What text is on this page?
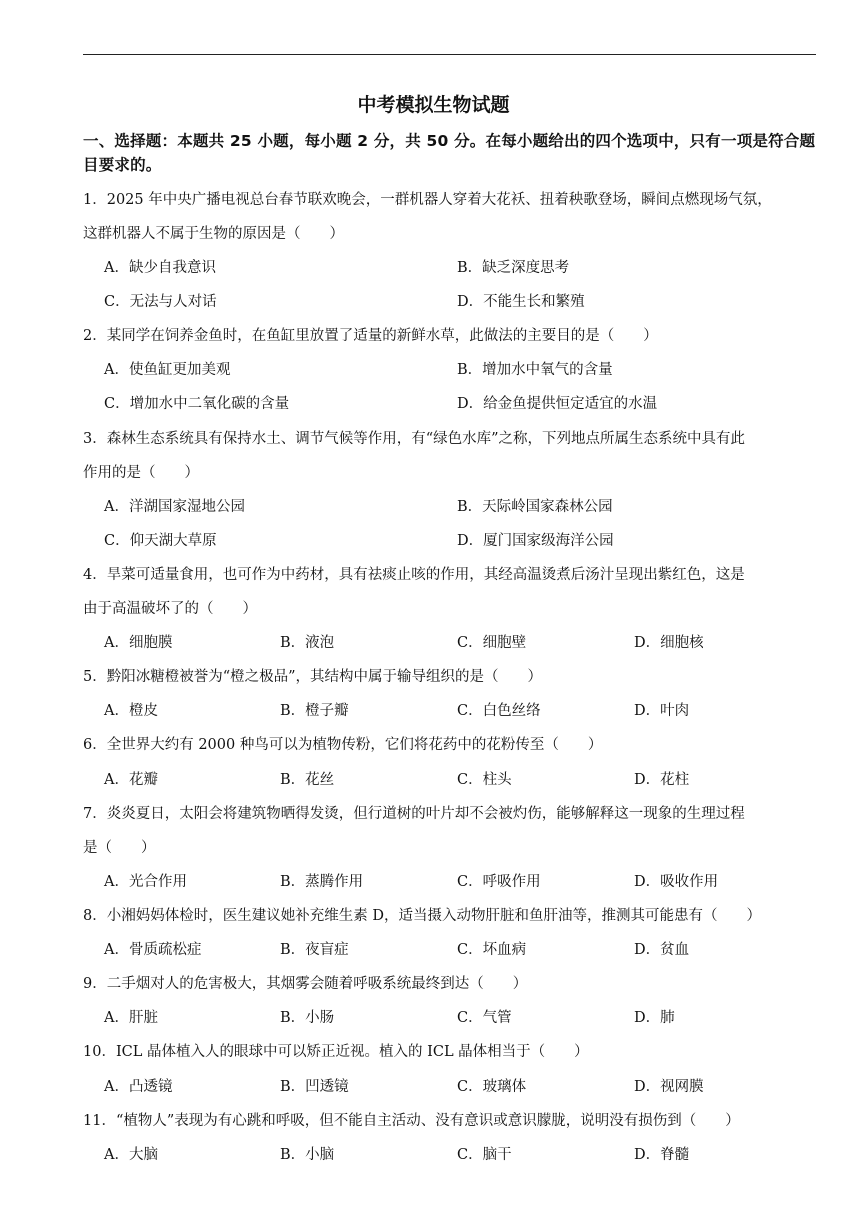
中考模拟生物试题
一、选择题：本题共 25 小题，每小题 2 分，共 50 分。在每小题给出的四个选项中，只有一项是符合题目要求的。
1．2025 年中央广播电视总台春节联欢晚会，一群机器人穿着大花袄、扭着秧歌登场，瞬间点燃现场气氛，
这群机器人不属于生物的原因是（　　）
A．缺少自我意识	B．缺乏深度思考
C．无法与人对话	D．不能生长和繁殖
2．某同学在饲养金鱼时，在鱼缸里放置了适量的新鲜水草，此做法的主要目的是（　　）
A．使鱼缸更加美观	B．增加水中氧气的含量
C．增加水中二氧化碳的含量	D．给金鱼提供恒定适宜的水温
3．森林生态系统具有保持水土、调节气候等作用，有“绿色水库”之称，下列地点所属生态系统中具有此
作用的是（　　）
A．洋湖国家湿地公园	B．天际岭国家森林公园
C．仰天湖大草原	D．厦门国家级海洋公园
4．旱菜可适量食用，也可作为中药材，具有祛痰止咳的作用，其经高温烫煮后汤汁呈现出紫红色，这是
由于高温破坏了的（　　）
A．细胞膜	B．液泡	C．细胞壁	D．细胞核
5．黔阳冰糖橙被誉为“橙之极品”，其结构中属于输导组织的是（　　）
A．橙皮	B．橙子瓣	C．白色丝络	D．叶肉
6．全世界大约有 2000 种鸟可以为植物传粉，它们将花药中的花粉传至（　　）
A．花瓣	B．花丝	C．柱头	D．花柱
7．炎炎夏日，太阳会将建筑物晒得发烫，但行道树的叶片却不会被灼伤，能够解释这一现象的生理过程
是（　　）
A．光合作用	B．蒸腾作用	C．呼吸作用	D．吸收作用
8．小湘妈妈体检时，医生建议她补充维生素 D，适当摄入动物肝脏和鱼肝油等，推测其可能患有（　　）
A．骨质疏松症	B．夜盲症	C．坏血病	D．贫血
9．二手烟对人的危害极大，其烟雾会随着呼吸系统最终到达（　　）
A．肝脏	B．小肠	C．气管	D．肺
10．ICL 晶体植入人的眼球中可以矫正近视。植入的 ICL 晶体相当于（　　）
A．凸透镜	B．凹透镜	C．玻璃体	D．视网膜
11．“植物人”表现为有心跳和呼吸，但不能自主活动、没有意识或意识朦胧，说明没有损伤到（　　）
A．大脑	B．小脑	C．脑干	D．脊髓
